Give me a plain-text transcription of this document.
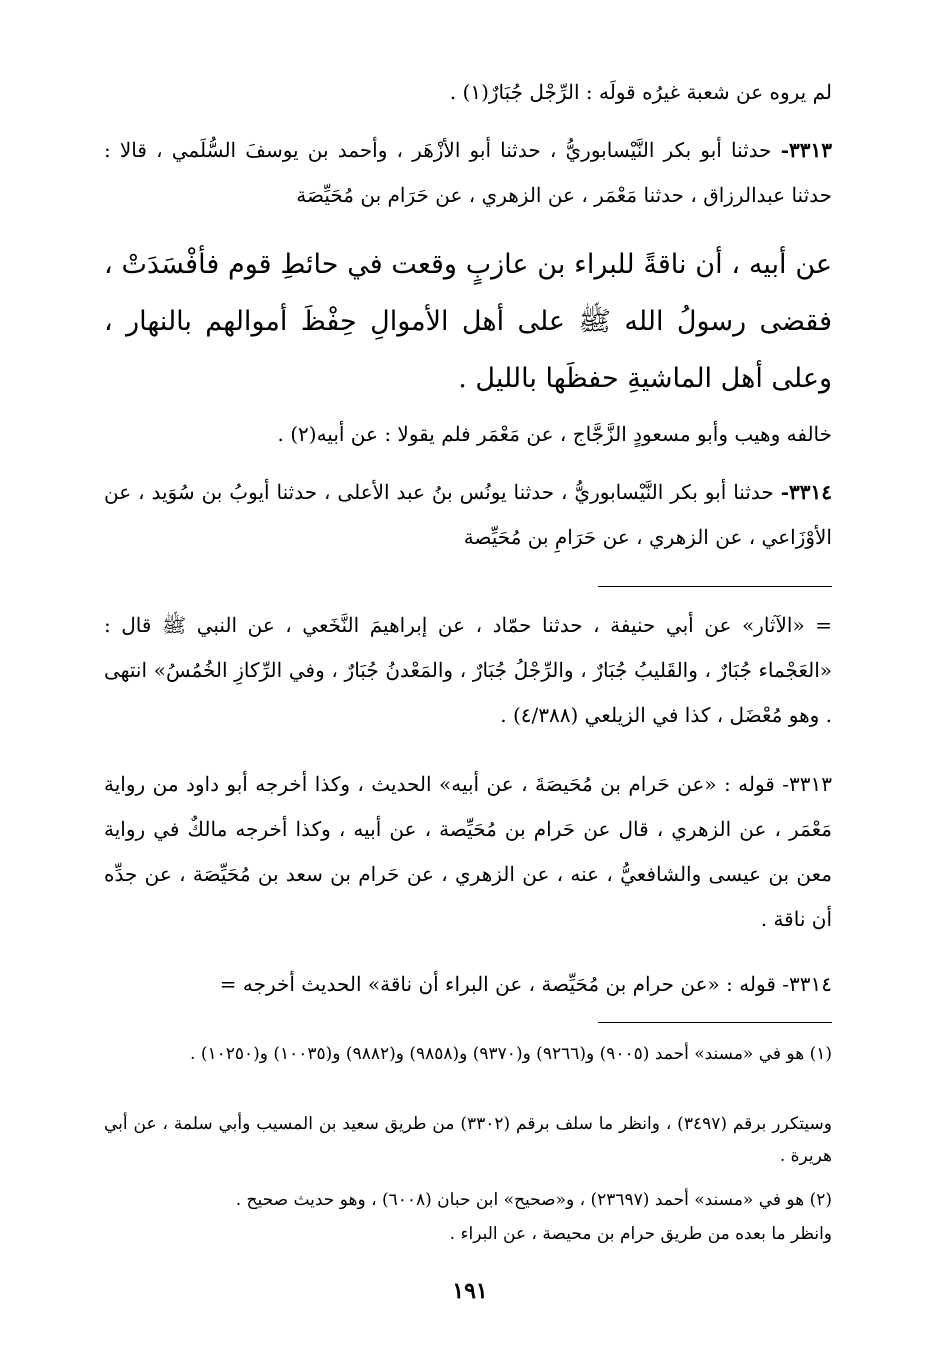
لم يروه عن شعبة غيرُه قولَه : الرِّجْل جُبَارٌ(١) .

٣٣١٣- حدثنا أبو بكر النَّيْسابوريُّ ، حدثنا أبو الأزْهَر ، وأحمد بن يوسفَ السُّلَمي ، قالا : حدثنا عبدالرزاق ، حدثنا مَعْمَر ، عن الزهري ، عن حَرَام بن مُحَيِّصَة

عن أبيه ، أن ناقةً للبراء بن عازبٍ وقعت في حائطِ قوم فأفْسَدَتْ ، فقضى رسولُ الله ﷺ على أهل الأموالِ حِفْظَ أموالهم بالنهار ، وعلى أهل الماشيةِ حفظَها بالليل .

خالفه وهيب وأبو مسعودٍ الزَّجَّاج ، عن مَعْمَر فلم يقولا : عن أبيه(٢) .

٣٣١٤- حدثنا أبو بكر النَّيْسابوريُّ ، حدثنا يونُس بنُ عبد الأعلى ، حدثنا أيوبُ بن سُوَيد ، عن الأوْزَاعي ، عن الزهري ، عن حَرَامِ بن مُحَيِّصة

= «الآثار» عن أبي حنيفة ، حدثنا حمّاد ، عن إبراهيمَ النَّخَعي ، عن النبي ﷺ قال : «العَجْماء جُبَارٌ ، والقَليبُ جُبَارٌ ، والرِّجْلُ جُبَارٌ ، والمَعْدنُ جُبَارٌ ، وفي الرِّكازِ الخُمُسُ» انتهى . وهو مُعْضَل ، كذا في الزيلعي (٤/٣٨٨) .

٣٣١٣- قوله : «عن حَرام بن مُحَيصَةَ ، عن أبيه» الحديث ، وكذا أخرجه أبو داود من رواية مَعْمَر ، عن الزهري ، قال عن حَرام بن مُحَيِّصة ، عن أبيه ، وكذا أخرجه مالكٌ في رواية معن بن عيسى والشافعيُّ ، عنه ، عن الزهري ، عن حَرام بن سعد بن مُحَيِّصَة ، عن جدِّه أن ناقة .

٣٣١٤- قوله : «عن حرام بن مُحَيِّصة ، عن البراء أن ناقة» الحديث أخرجه =

(١) هو في «مسند» أحمد (٩٠٠٥) و(٩٢٦٦) و(٩٣٧٠) و(٩٨٥٨) و(٩٨٨٢) و(١٠٠٣٥) و(١٠٢٥٠) .

وسيتكرر برقم (٣٤٩٧) ، وانظر ما سلف برقم (٣٣٠٢) من طريق سعيد بن المسيب وأبي سلمة ، عن أبي هريرة .

(٢) هو في «مسند» أحمد (٢٣٦٩٧) ، و«صحيح» ابن حبان (٦٠٠٨) ، وهو حديث صحيح .

وانظر ما بعده من طريق حرام بن محيصة ، عن البراء .

١٩١
